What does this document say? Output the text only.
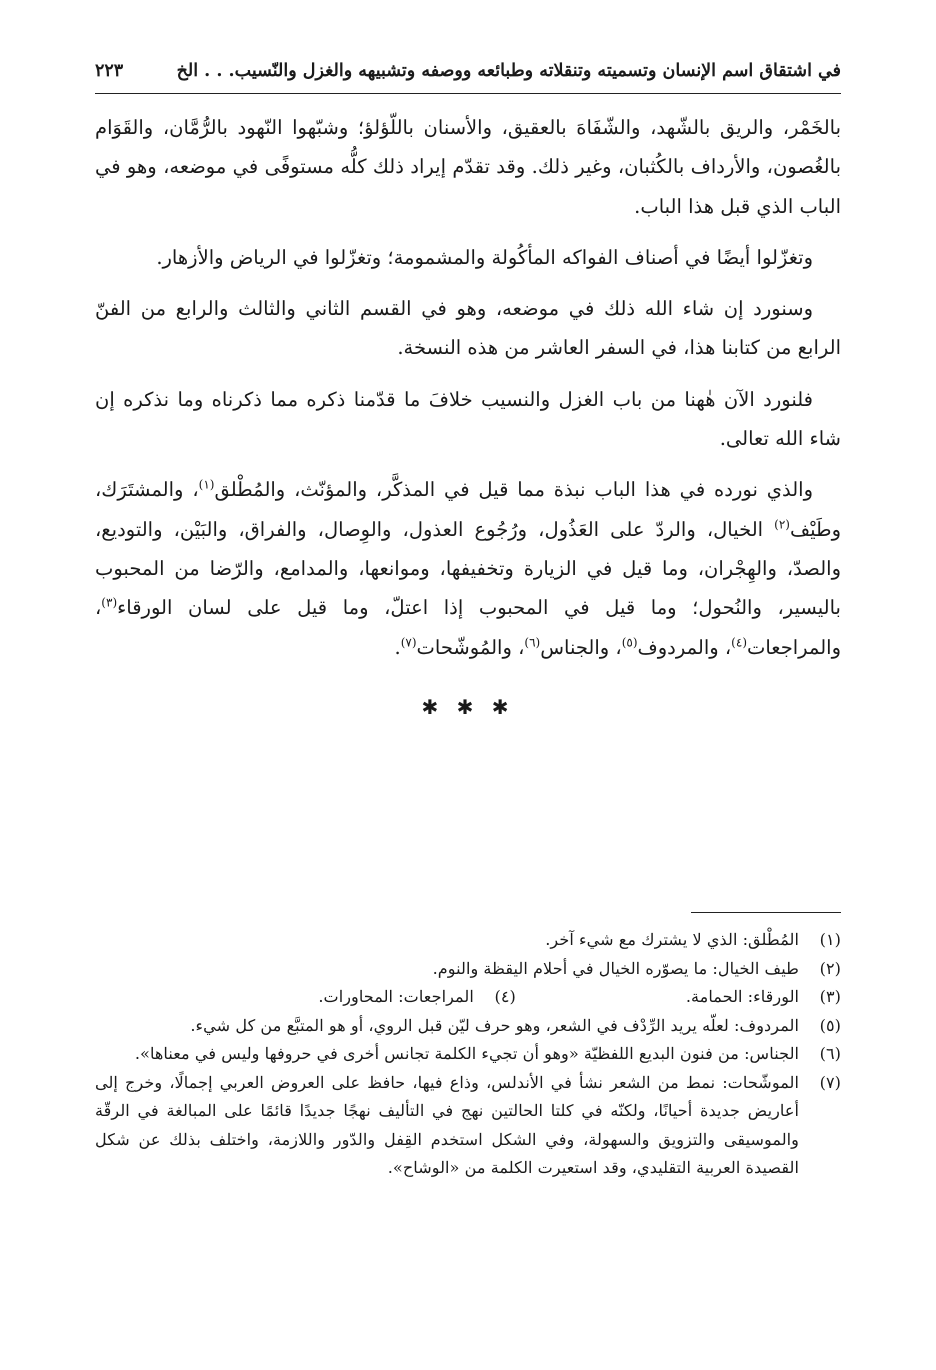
في اشتقاق اسم الإنسان وتسميته وتنقلاته وطبائعه ووصفه وتشبيهه والغزل والنّسيب. . . الخ
٢٢٣

بالخَمْر، والريق بالشّهد، والشّفَاهَ بالعقيق، والأسنان باللّؤلؤ؛ وشبّهوا النّهود بالرُّمَّان، والقَوَام بالغُصون، والأرداف بالكُثبان، وغير ذلك. وقد تقدّم إيراد ذلك كلُّه مستوفًى في موضعه، وهو في الباب الذي قبل هذا الباب.

وتغزّلوا أيضًا في أصناف الفواكه المأكُولة والمشمومة؛ وتغزّلوا في الرياض والأزهار.

وسنورد إن شاء الله ذلك في موضعه، وهو في القسم الثاني والثالث والرابع من الفنّ الرابع من كتابنا هذا، في السفر العاشر من هذه النسخة.

فلنورد الآن هٰهنا من باب الغزل والنسيب خلافَ ما قدّمنا ذكره مما ذكرناه وما نذكره إن شاء الله تعالى.

والذي نورده في هذا الباب نبذة مما قيل في المذكَّر، والمؤنّث، والمُطْلق$^{(١)}$، والمشتَرَك، وطَيْف$^{(٢)}$ الخيال، والردّ على العَذُول، ورُجُوع العذول، والوِصال، والفراق، والبَيْن، والتوديع، والصدّ، والهِجْران، وما قيل في الزيارة وتخفيفها، وموانعها، والمدامع، والرّضا من المحبوب باليسير، والنُحول؛ وما قيل في المحبوب إذا اعتلّ، وما قيل على لسان الورقاء$^{(٣)}$، والمراجعات$^{(٤)}$، والمردوف$^{(٥)}$، والجناس$^{(٦)}$، والمُوشّحات$^{(٧)}$.

✱ ✱ ✱
(١)
المُطْلق: الذي لا يشترك مع شيء آخر.
(٢)
طيف الخيال: ما يصوّره الخيال في أحلام اليقظة والنوم.
(٣)
الورقاء: الحمامة.
(٤)
المراجعات: المحاورات.
(٥)
المردوف: لعلّه يريد الرِّدْف في الشعر، وهو حرف ليّن قبل الروي، أو هو المتبَّع من كل شيء.
(٦)
الجناس: من فنون البديع اللفظيّة «وهو أن تجيء الكلمة تجانس أخرى في حروفها وليس في معناها».
(٧)
الموشّحات: نمط من الشعر نشأ في الأندلس، وذاع فيها، حافظ على العروض العربي إجمالًا، وخرج إلى أعاريض جديدة أحيانًا، ولكنّه في كلتا الحالتين نهج في التأليف نهجًا جديدًا قائمًا على المبالغة في الرقّة والموسيقى والتزويق والسهولة، وفي الشكل استخدم القِفل والدّور واللازمة، واختلف بذلك عن شكل القصيدة العربية التقليدي، وقد استعيرت الكلمة من «الوشاح».
